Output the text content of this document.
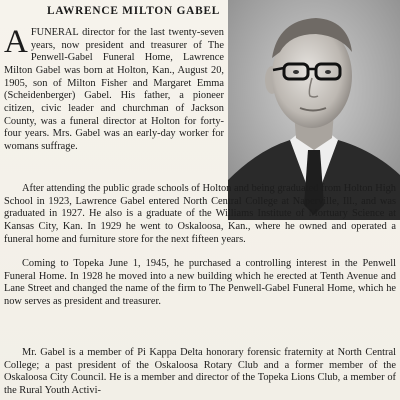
LAWRENCE MILTON GABEL

AFUNERAL director for the last twenty-seven years, now president and treasurer of The Penwell-Gabel Funeral Home, Lawrence Milton Gabel was born at Holton, Kan., August 20, 1905, son of Milton Fisher and Margaret Emma (Scheidenberger) Gabel. His father, a pioneer citizen, civic leader and churchman of Jackson County, was a funeral director at Holton for forty-four years. Mrs. Gabel was an early-day worker for womans suffrage.

After attending the public grade schools of Holton and being graduated from Holton High School in 1923, Lawrence Gabel entered North Central College at Naperville, Ill., and was graduated in 1927. He also is a graduate of the Williams Institute of Mortuary Science at Kansas City, Kan. In 1929 he went to Oskaloosa, Kan., where he owned and operated a funeral home and furniture store for the next fifteen years.

Coming to Topeka June 1, 1945, he purchased a controlling interest in the Penwell Funeral Home. In 1928 he moved into a new building which he erected at Tenth Avenue and Lane Street and changed the name of the firm to The Penwell-Gabel Funeral Home, which he now serves as president and treasurer.

Mr. Gabel is a member of Pi Kappa Delta honorary forensic fraternity at North Central College; a past president of the Oskaloosa Rotary Club and a former member of the Oskaloosa City Council. He is a member and director of the Topeka Lions Club, a member of the Rural Youth Activi-
